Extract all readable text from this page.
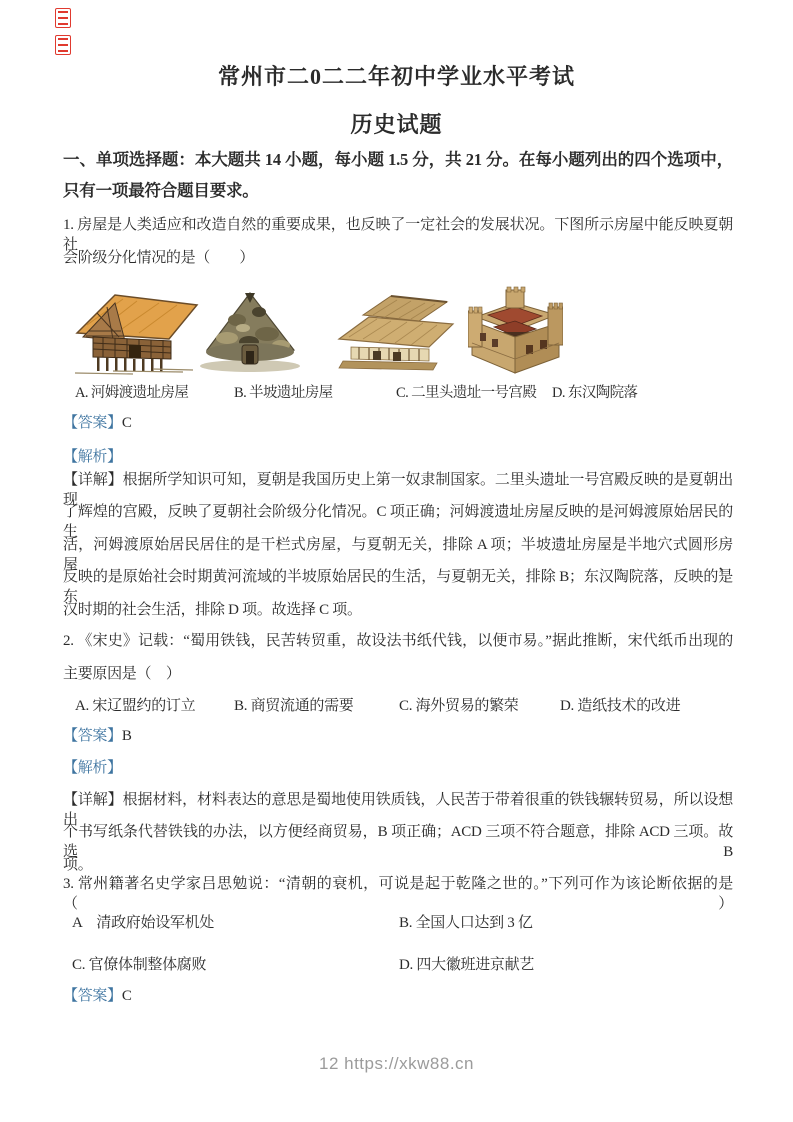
常州市二0二二年初中学业水平考试
历史试题
一、单项选择题：本大题共 14 小题，每小题 1.5 分，共 21 分。在每小题列出的四个选项中，
只有一项最符合题目要求。
1. 房屋是人类适应和改造自然的重要成果，也反映了一定社会的发展状况。下图所示房屋中能反映夏朝社
会阶级分化情况的是（　　）
A. 河姆渡遗址房屋	B. 半坡遗址房屋	C. 二里头遗址一号宫殿 D. 东汉陶院落
【答案】C
【解析】
【详解】根据所学知识可知，夏朝是我国历史上第一奴隶制国家。二里头遗址一号宫殿反映的是夏朝出现
了辉煌的宫殿，反映了夏朝社会阶级分化情况。C 项正确；河姆渡遗址房屋反映的是河姆渡原始居民的生
活，河姆渡原始居民居住的是干栏式房屋，与夏朝无关，排除 A 项；半坡遗址房屋是半地穴式圆形房屋，
反映的是原始社会时期黄河流域的半坡原始居民的生活，与夏朝无关，排除 B；东汉陶院落，反映的是东
汉时期的社会生活，排除 D 项。故选择 C 项。
2. 《宋史》记载：“蜀用铁钱，民苦转贸重，故设法书纸代钱，以便市易。”据此推断，宋代纸币出现的
主要原因是（　）
A. 宋辽盟约的订立	B. 商贸流通的需要	C. 海外贸易的繁荣	D. 造纸技术的改进
【答案】B
【解析】
【详解】根据材料，材料表达的意思是蜀地使用铁质钱，人民苦于带着很重的铁钱辗转贸易，所以设想出
个书写纸条代替铁钱的办法，以方便经商贸易，B 项正确；ACD 三项不符合题意，排除 ACD 三项。故选 B
项。
3. 常州籍著名史学家吕思勉说：“清朝的衰机，可说是起于乾隆之世的。”下列可作为该论断依据的是（　）
A　清政府始设军机处	B. 全国人口达到 3 亿
C. 官僚体制整体腐败	D. 四大徽班进京献艺
【答案】C
12 https://xkw88.cn
